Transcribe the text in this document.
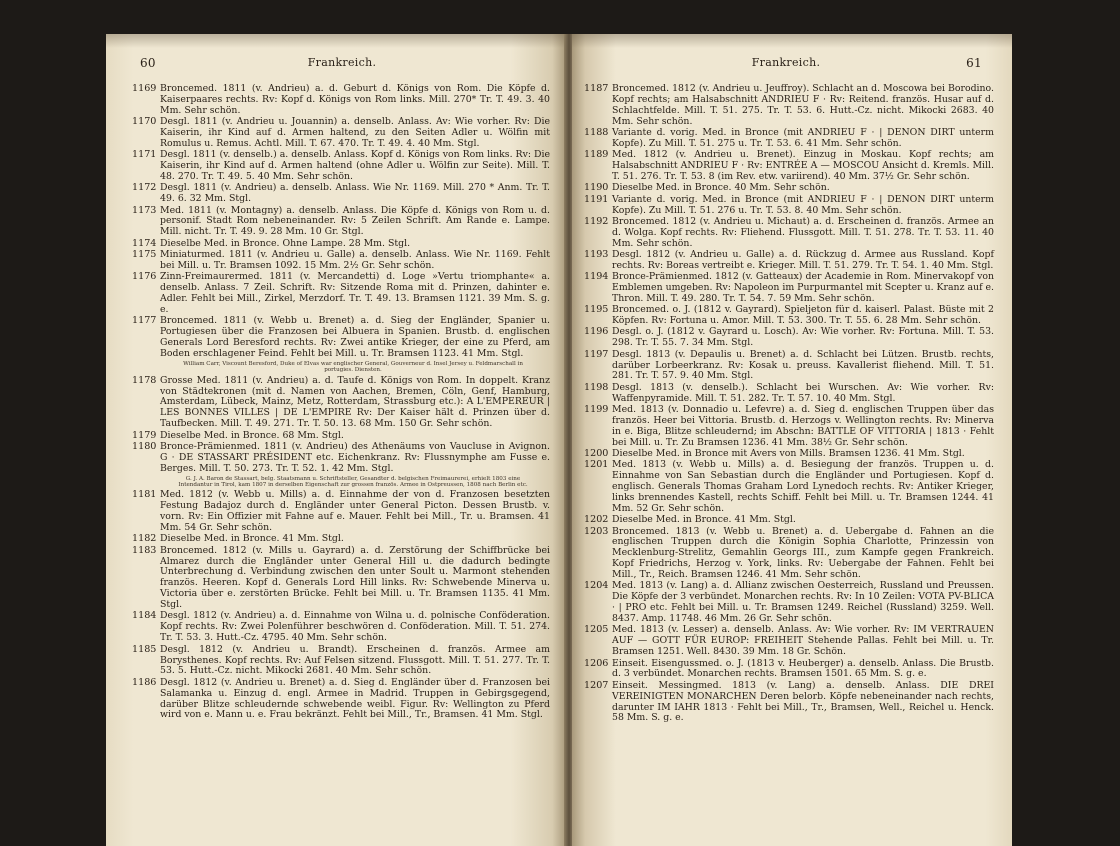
60	Frankreich.
1169 Broncemed. 1811 (v. Andrieu) a. d. Geburt d. Königs von Rom. Die Köpfe d. Kaiserpaares rechts. Rv: Kopf d. Königs von Rom links. Mill. 270* Tr. T. 49. 3. 40 Mm. Sehr schön.
1170 Desgl. 1811 (v. Andrieu u. Jouannin) a. denselb. Anlass. Av: Wie vorher. Rv: Die Kaiserin, ihr Kind auf d. Armen haltend, zu den Seiten Adler u. Wölfin mit Romulus u. Remus. Achtl. Mill. T. 67. 470. Tr. T. 49. 4. 40 Mm. Stgl.
1171 Desgl. 1811 (v. denselb.) a. denselb. Anlass. Kopf d. Königs von Rom links. Rv: Die Kaiserin, ihr Kind auf d. Armen haltend (ohne Adler u. Wölfin zur Seite). Mill. T. 48. 270. Tr. T. 49. 5. 40 Mm. Sehr schön.
1172 Desgl. 1811 (v. Andrieu) a. denselb. Anlass. Wie Nr. 1169. Mill. 270 * Anm. Tr. T. 49. 6. 32 Mm. Stgl.
1173 Med. 1811 (v. Montagny) a. denselb. Anlass. Die Köpfe d. Königs von Rom u. d. personif. Stadt Rom nebeneinander. Rv: 5 Zeilen Schrift. Am Rande e. Lampe. Mill. nicht. Tr. T. 49. 9. 28 Mm. 10 Gr. Stgl.
1174 Dieselbe Med. in Bronce. Ohne Lampe. 28 Mm. Stgl.
1175 Miniaturmed. 1811 (v. Andrieu u. Galle) a. denselb. Anlass. Wie Nr. 1169. Fehlt bei Mill. u. Tr. Bramsen 1092. 15 Mm. 2½ Gr. Sehr schön.
1176 Zinn-Freimaurermed. 1811 (v. Mercandetti) d. Loge »Vertu triomphante« a. denselb. Anlass. 7 Zeil. Schrift. Rv: Sitzende Roma mit d. Prinzen, dahinter e. Adler. Fehlt bei Mill., Zirkel, Merzdorf. Tr. T. 49. 13. Bramsen 1121. 39 Mm. S. g. e.
1177 Broncemed. 1811 (v. Webb u. Brenet) a. d. Sieg der Engländer, Spanier u. Portugiesen über die Franzosen bei Albuera in Spanien. Brustb. d. englischen Generals Lord Beresford rechts. Rv: Zwei antike Krieger, der eine zu Pferd, am Boden erschlagener Feind. Fehlt bei Mill. u. Tr. Bramsen 1123. 41 Mm. Stgl.
William Carr, Viscount Beresford, Duke of Elvas war englischer General, Gouverneur d. Insel Jersey u. Feldmarschall in portugies. Diensten.
1178 Grosse Med. 1811 (v. Andrieu) a. d. Taufe d. Königs von Rom. In doppelt. Kranz von Städtekronen (mit d. Namen von Aachen, Bremen, Cöln, Genf, Hamburg, Amsterdam, Lübeck, Mainz, Metz, Rotterdam, Strassburg etc.): A L'EMPEREUR | LES BONNES VILLES | DE L'EMPIRE Rv: Der Kaiser hält d. Prinzen über d. Taufbecken. Mill. T. 49. 271. Tr. T. 50. 13. 68 Mm. 150 Gr. Sehr schön.
1179 Dieselbe Med. in Bronce. 68 Mm. Stgl.
1180 Bronce-Prämienmed. 1811 (v. Andrieu) des Athenäums von Vaucluse in Avignon. G · DE STASSART PRÉSIDENT etc. Eichenkranz. Rv: Flussnymphe am Fusse e. Berges. Mill. T. 50. 273. Tr. T. 52. 1. 42 Mm. Stgl.
G. J. A. Baron de Stassart, belg. Staatsmann u. Schriftsteller, Gesandter d. belgischen Freimaurerei, erhielt 1803 eine Intendantur in Tirol, kam 1807 in derselben Eigenschaft zur grossen französ. Armee in Ostpreussen, 1808 nach Berlin etc.
1181 Med. 1812 (v. Webb u. Mills) a. d. Einnahme der von d. Franzosen besetzten Festung Badajoz durch d. Engländer unter General Picton. Dessen Brustb. v. vorn. Rv: Ein Offizier mit Fahne auf e. Mauer. Fehlt bei Mill., Tr. u. Bramsen. 41 Mm. 54 Gr. Sehr schön.
1182 Dieselbe Med. in Bronce. 41 Mm. Stgl.
1183 Broncemed. 1812 (v. Mills u. Gayrard) a. d. Zerstörung der Schiffbrücke bei Almarez durch die Engländer unter General Hill u. die dadurch bedingte Unterbrechung d. Verbindung zwischen den unter Soult u. Marmont stehenden französ. Heeren. Kopf d. Generals Lord Hill links. Rv: Schwebende Minerva u. Victoria über e. zerstörten Brücke. Fehlt bei Mill. u. Tr. Bramsen 1135. 41 Mm. Stgl.
1184 Desgl. 1812 (v. Andrieu) a. d. Einnahme von Wilna u. d. polnische Conföderation. Kopf rechts. Rv: Zwei Polenführer beschwören d. Conföderation. Mill. T. 51. 274. Tr. T. 53. 3. Hutt.-Cz. 4795. 40 Mm. Sehr schön.
1185 Desgl. 1812 (v. Andrieu u. Brandt). Erscheinen d. französ. Armee am Borysthenes. Kopf rechts. Rv: Auf Felsen sitzend. Flussgott. Mill. T. 51. 277. Tr. T. 53. 5. Hutt.-Cz. nicht. Mikocki 2681. 40 Mm. Sehr schön.
1186 Desgl. 1812 (v. Andrieu u. Brenet) a. d. Sieg d. Engländer über d. Franzosen bei Salamanka u. Einzug d. engl. Armee in Madrid. Truppen in Gebirgsgegend, darüber Blitze schleudernde schwebende weibl. Figur. Rv: Wellington zu Pferd wird von e. Mann u. e. Frau bekränzt. Fehlt bei Mill., Tr., Bramsen. 41 Mm. Stgl.
Frankreich.	61
1187 Broncemed. 1812 (v. Andrieu u. Jeuffroy). Schlacht an d. Moscowa bei Borodino. Kopf rechts; am Halsabschnitt ANDRIEU F · Rv: Reitend. französ. Husar auf d. Schlachtfelde. Mill. T. 51. 275. Tr. T. 53. 6. Hutt.-Cz. nicht. Mikocki 2683. 40 Mm. Sehr schön.
1188 Variante d. vorig. Med. in Bronce (mit ANDRIEU F · | DENON DIRT unterm Kopfe). Zu Mill. T. 51. 275 u. Tr. T. 53. 6. 41 Mm. Sehr schön.
1189 Med. 1812 (v. Andrieu u. Brenet). Einzug in Moskau. Kopf rechts; am Halsabschnitt ANDRIEU F · Rv: ENTRÉE A — MOSCOU Ansicht d. Kremls. Mill. T. 51. 276. Tr. T. 53. 8 (im Rev. etw. variirend). 40 Mm. 37½ Gr. Sehr schön.
1190 Dieselbe Med. in Bronce. 40 Mm. Sehr schön.
1191 Variante d. vorig. Med. in Bronce (mit ANDRIEU F · | DENON DIRT unterm Kopfe). Zu Mill. T. 51. 276 u. Tr. T. 53. 8. 40 Mm. Sehr schön.
1192 Broncemed. 1812 (v. Andrieu u. Michaut) a. d. Erscheinen d. französ. Armee an d. Wolga. Kopf rechts. Rv: Fliehend. Flussgott. Mill. T. 51. 278. Tr. T. 53. 11. 40 Mm. Sehr schön.
1193 Desgl. 1812 (v. Andrieu u. Galle) a. d. Rückzug d. Armee aus Russland. Kopf rechts. Rv: Boreas vertreibt e. Krieger. Mill. T. 51. 279. Tr. T. 54. 1. 40 Mm. Stgl.
1194 Bronce-Prämienmed. 1812 (v. Gatteaux) der Academie in Rom. Minervakopf von Emblemen umgeben. Rv: Napoleon im Purpurmantel mit Scepter u. Kranz auf e. Thron. Mill. T. 49. 280. Tr. T. 54. 7. 59 Mm. Sehr schön.
1195 Broncemed. o. J. (1812 v. Gayrard). Spieljeton für d. kaiserl. Palast. Büste mit 2 Köpfen. Rv: Fortuna u. Amor. Mill. T. 53. 300. Tr. T. 55. 6. 28 Mm. Sehr schön.
1196 Desgl. o. J. (1812 v. Gayrard u. Losch). Av: Wie vorher. Rv: Fortuna. Mill. T. 53. 298. Tr. T. 55. 7. 34 Mm. Stgl.
1197 Desgl. 1813 (v. Depaulis u. Brenet) a. d. Schlacht bei Lützen. Brustb. rechts, darüber Lorbeerkranz. Rv: Kosak u. preuss. Kavallerist fliehend. Mill. T. 51. 281. Tr. T. 57. 9. 40 Mm. Stgl.
1198 Desgl. 1813 (v. denselb.). Schlacht bei Wurschen. Av: Wie vorher. Rv: Waffenpyramide. Mill. T. 51. 282. Tr. T. 57. 10. 40 Mm. Stgl.
1199 Med. 1813 (v. Donnadio u. Lefevre) a. d. Sieg d. englischen Truppen über das französ. Heer bei Vittoria. Brustb. d. Herzogs v. Wellington rechts. Rv: Minerva in e. Biga, Blitze schleudernd; im Abschn: BATTLE OF VITTORIA | 1813 · Fehlt bei Mill. u. Tr. Zu Bramsen 1236. 41 Mm. 38½ Gr. Sehr schön.
1200 Dieselbe Med. in Bronce mit Avers von Mills. Bramsen 1236. 41 Mm. Stgl.
1201 Med. 1813 (v. Webb u. Mills) a. d. Besiegung der französ. Truppen u. d. Einnahme von San Sebastian durch die Engländer und Portugiesen. Kopf d. englisch. Generals Thomas Graham Lord Lynedoch rechts. Rv: Antiker Krieger, links brennendes Kastell, rechts Schiff. Fehlt bei Mill. u. Tr. Bramsen 1244. 41 Mm. 52 Gr. Sehr schön.
1202 Dieselbe Med. in Bronce. 41 Mm. Stgl.
1203 Broncemed. 1813 (v. Webb u. Brenet) a. d. Uebergabe d. Fahnen an die englischen Truppen durch die Königin Sophia Charlotte, Prinzessin von Mecklenburg-Strelitz, Gemahlin Georgs III., zum Kampfe gegen Frankreich. Kopf Friedrichs, Herzog v. York, links. Rv: Uebergabe der Fahnen. Fehlt bei Mill., Tr., Reich. Bramsen 1246. 41 Mm. Sehr schön.
1204 Med. 1813 (v. Lang) a. d. Allianz zwischen Oesterreich, Russland und Preussen. Die Köpfe der 3 verbündet. Monarchen rechts. Rv: In 10 Zeilen: VOTA PV-BLICA · | PRO etc. Fehlt bei Mill. u. Tr. Bramsen 1249. Reichel (Russland) 3259. Well. 8437. Amp. 11748. 46 Mm. 26 Gr. Sehr schön.
1205 Med. 1813 (v. Lesser) a. denselb. Anlass. Av: Wie vorher. Rv: IM VERTRAUEN AUF — GOTT FÜR EUROP: FREIHEIT Stehende Pallas. Fehlt bei Mill. u. Tr. Bramsen 1251. Well. 8430. 39 Mm. 18 Gr. Schön.
1206 Einseit. Eisengussmed. o. J. (1813 v. Heuberger) a. denselb. Anlass. Die Brustb. d. 3 verbündet. Monarchen rechts. Bramsen 1501. 65 Mm. S. g. e.
1207 Einseit. Messingmed. 1813 (v. Lang) a. denselb. Anlass. DIE DREI VEREINIGTEN MONARCHEN Deren belorb. Köpfe nebeneinander nach rechts, darunter IM IAHR 1813 · Fehlt bei Mill., Tr., Bramsen, Well., Reichel u. Henck. 58 Mm. S. g. e.
